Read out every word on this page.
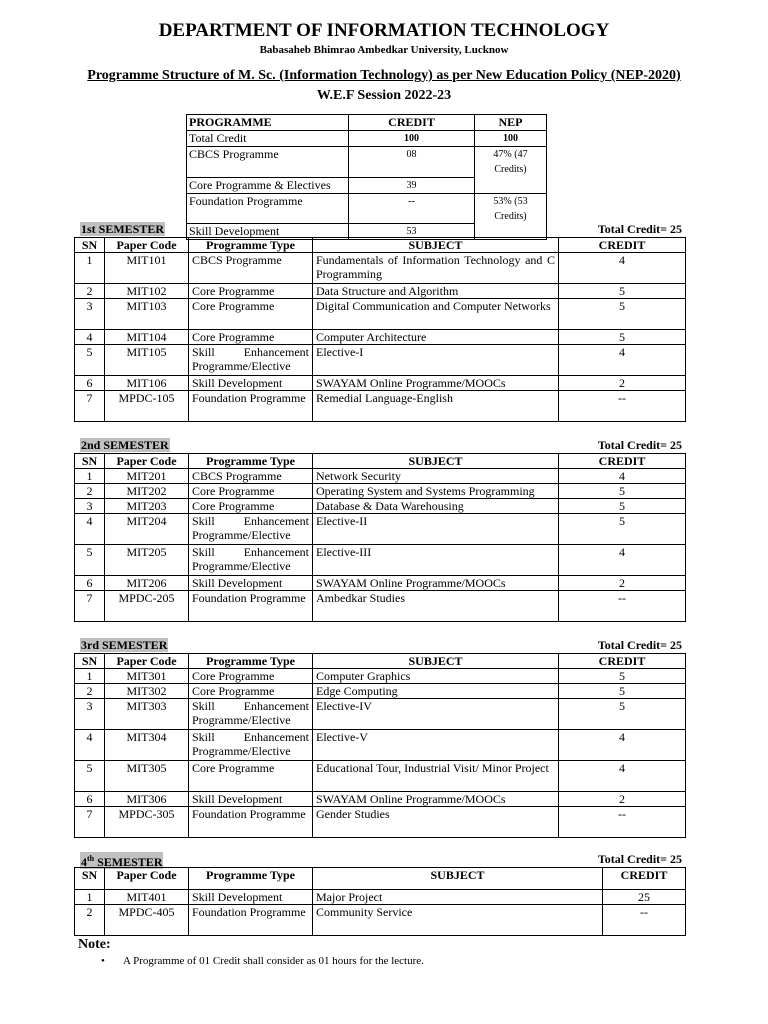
DEPARTMENT OF INFORMATION TECHNOLOGY
Babasaheb Bhimrao Ambedkar University, Lucknow
Programme Structure of M. Sc. (Information Technology) as per New Education Policy (NEP-2020)
W.E.F Session 2022-23
PROGRAMME	CREDIT	NEP
Total Credit	100	100
CBCS Programme	08	47% (47 Credits)
Core Programme & Electives	39	
Foundation Programme	--	53% (53 Credits)
Skill Development	53	
1st SEMESTER	Total Credit= 25
SN	Paper Code	Programme Type	SUBJECT	CREDIT
1	MIT101	CBCS Programme	Fundamentals of Information Technology and C Programming	4
2	MIT102	Core Programme	Data Structure and Algorithm	5
3	MIT103	Core Programme	Digital Communication and Computer Networks	5
4	MIT104	Core Programme	Computer Architecture	5
5	MIT105	Skill Enhancement Programme/Elective	Elective-I	4
6	MIT106	Skill Development	SWAYAM Online Programme/MOOCs	2
7	MPDC-105	Foundation Programme	Remedial Language-English	--
2nd SEMESTER	Total Credit= 25
SN	Paper Code	Programme Type	SUBJECT	CREDIT
1	MIT201	CBCS Programme	Network Security	4
2	MIT202	Core Programme	Operating System and Systems Programming	5
3	MIT203	Core Programme	Database & Data Warehousing	5
4	MIT204	Skill Enhancement Programme/Elective	Elective-II	5
5	MIT205	Skill Enhancement Programme/Elective	Elective-III	4
6	MIT206	Skill Development	SWAYAM Online Programme/MOOCs	2
7	MPDC-205	Foundation Programme	Ambedkar Studies	--
3rd SEMESTER	Total Credit= 25
SN	Paper Code	Programme Type	SUBJECT	CREDIT
1	MIT301	Core Programme	Computer Graphics	5
2	MIT302	Core Programme	Edge Computing	5
3	MIT303	Skill Enhancement Programme/Elective	Elective-IV	5
4	MIT304	Skill Enhancement Programme/Elective	Elective-V	4
5	MIT305	Core Programme	Educational Tour, Industrial Visit/ Minor Project	4
6	MIT306	Skill Development	SWAYAM Online Programme/MOOCs	2
7	MPDC-305	Foundation Programme	Gender Studies	--
4th SEMESTER	Total Credit= 25
SN	Paper Code	Programme Type	SUBJECT	CREDIT
1	MIT401	Skill Development	Major Project	25
2	MPDC-405	Foundation Programme	Community Service	--
Note:
• A Programme of 01 Credit shall consider as 01 hours for the lecture.
